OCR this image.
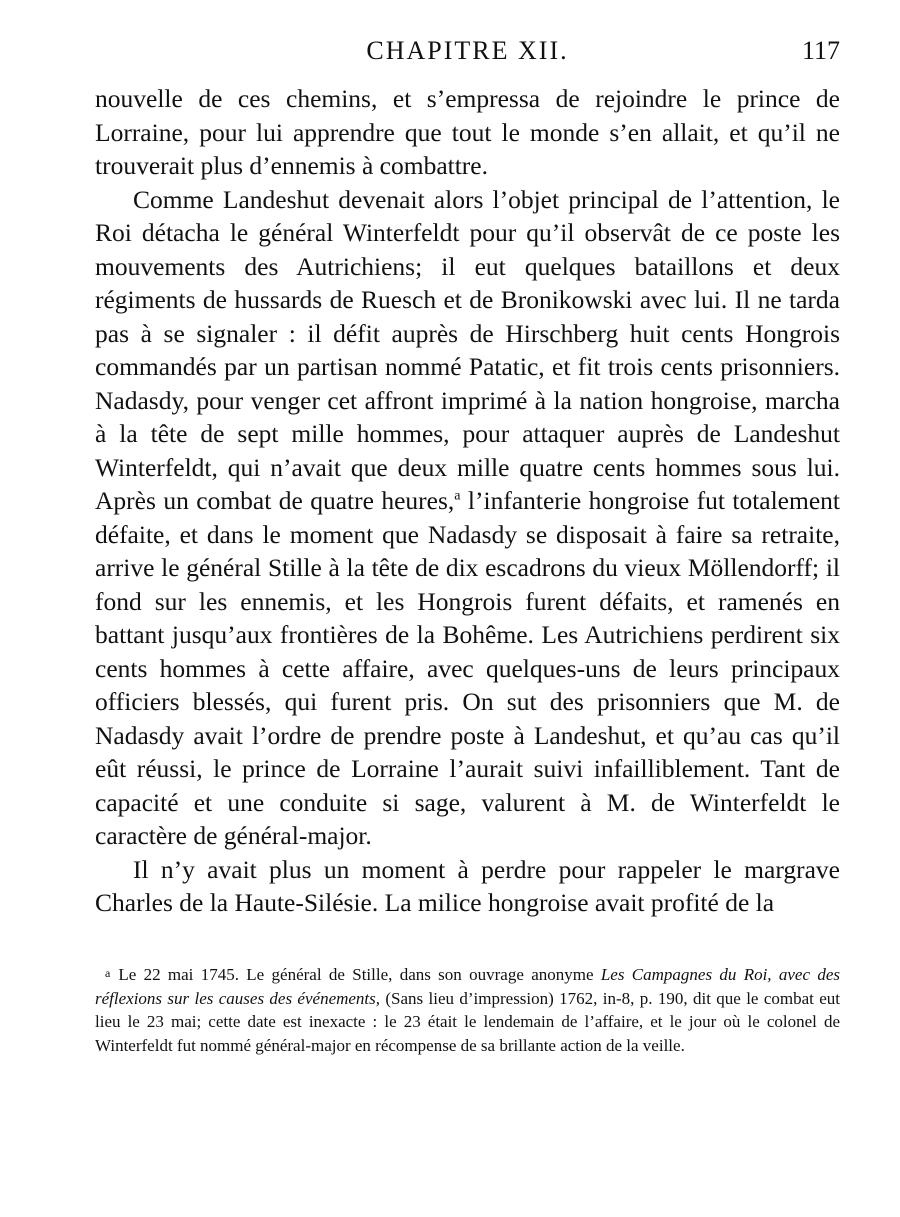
CHAPITRE XII.	117

nouvelle de ces chemins, et s’empressa de rejoindre le prince de Lorraine, pour lui apprendre que tout le monde s’en allait, et qu’il ne trouverait plus d’ennemis à combattre.

Comme Landeshut devenait alors l’objet principal de l’attention, le Roi détacha le général Winterfeldt pour qu’il observât de ce poste les mouvements des Autrichiens; il eut quelques bataillons et deux régiments de hussards de Ruesch et de Bronikowski avec lui. Il ne tarda pas à se signaler : il défit auprès de Hirschberg huit cents Hongrois commandés par un partisan nommé Patatic, et fit trois cents prisonniers. Nadasdy, pour venger cet affront imprimé à la nation hongroise, marcha à la tête de sept mille hommes, pour attaquer auprès de Landeshut Winterfeldt, qui n’avait que deux mille quatre cents hommes sous lui. Après un combat de quatre heures,$^a$ l’infanterie hongroise fut totalement défaite, et dans le moment que Nadasdy se disposait à faire sa retraite, arrive le général Stille à la tête de dix escadrons du vieux Möllendorff; il fond sur les ennemis, et les Hongrois furent défaits, et ramenés en battant jusqu’aux frontières de la Bohême. Les Autrichiens perdirent six cents hommes à cette affaire, avec quelques-uns de leurs principaux officiers blessés, qui furent pris. On sut des prisonniers que M. de Nadasdy avait l’ordre de prendre poste à Landeshut, et qu’au cas qu’il eût réussi, le prince de Lorraine l’aurait suivi infailliblement. Tant de capacité et une conduite si sage, valurent à M. de Winterfeldt le caractère de général-major.

Il n’y avait plus un moment à perdre pour rappeler le margrave Charles de la Haute-Silésie. La milice hongroise avait profité de la

a Le 22 mai 1745. Le général de Stille, dans son ouvrage anonyme Les Campagnes du Roi, avec des réflexions sur les causes des événements, (Sans lieu d’impression) 1762, in-8, p. 190, dit que le combat eut lieu le 23 mai; cette date est inexacte : le 23 était le lendemain de l’affaire, et le jour où le colonel de Winterfeldt fut nommé général-major en récompense de sa brillante action de la veille.
